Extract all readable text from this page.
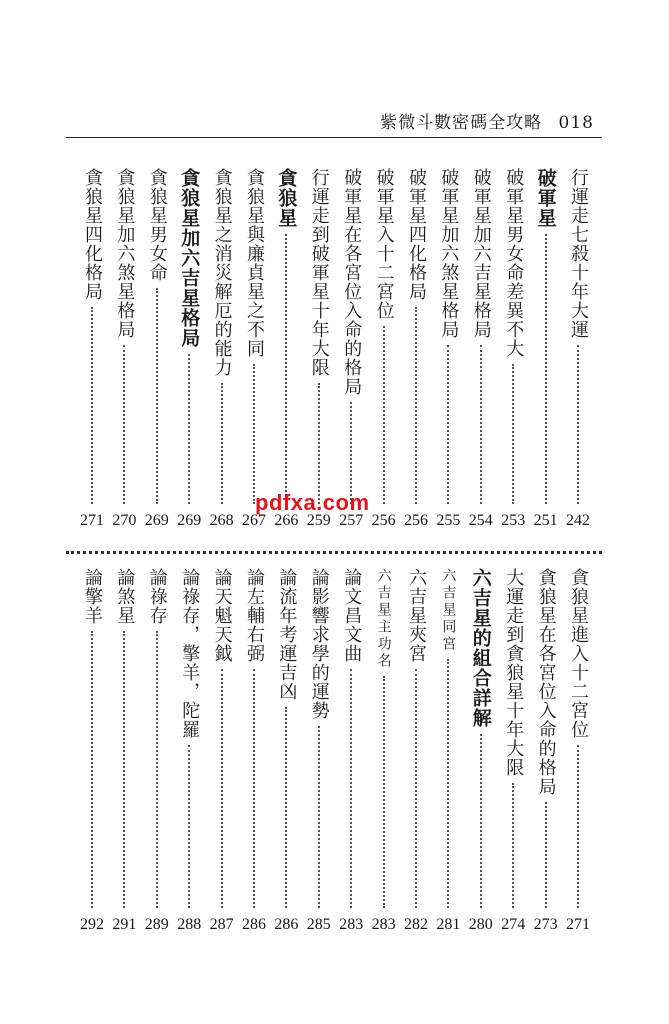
紫微斗數密碼全攻略 018
行運走七殺十年大運
242
破軍星
251
破軍星男女命差異不大
253
破軍星加六吉星格局
254
破軍星加六煞星格局
255
破軍星四化格局
256
破軍星入十二宮位
256
破軍星在各宮位入命的格局
257
行運走到破軍星十年大限
259
貪狼星
266
貪狼星與廉貞星之不同
267
貪狼星之消災解厄的能力
268
貪狼星加六吉星格局
269
貪狼星男女命
269
貪狼星加六煞星格局
270
貪狼星四化格局
271
貪狼星進入十二宮位
271
貪狼星在各宮位入命的格局
273
大運走到貪狼星十年大限
274
六吉星的組合詳解
280
六吉星同宮
281
六吉星夾宮
282
六吉星主功名
283
論文昌文曲
283
論影響求學的運勢
285
論流年考運吉凶
286
論左輔右弼
286
論天魁天鉞
287
論祿存，擎羊，陀羅
288
論祿存
289
論煞星
291
論擎羊
292
pdfxa.com
